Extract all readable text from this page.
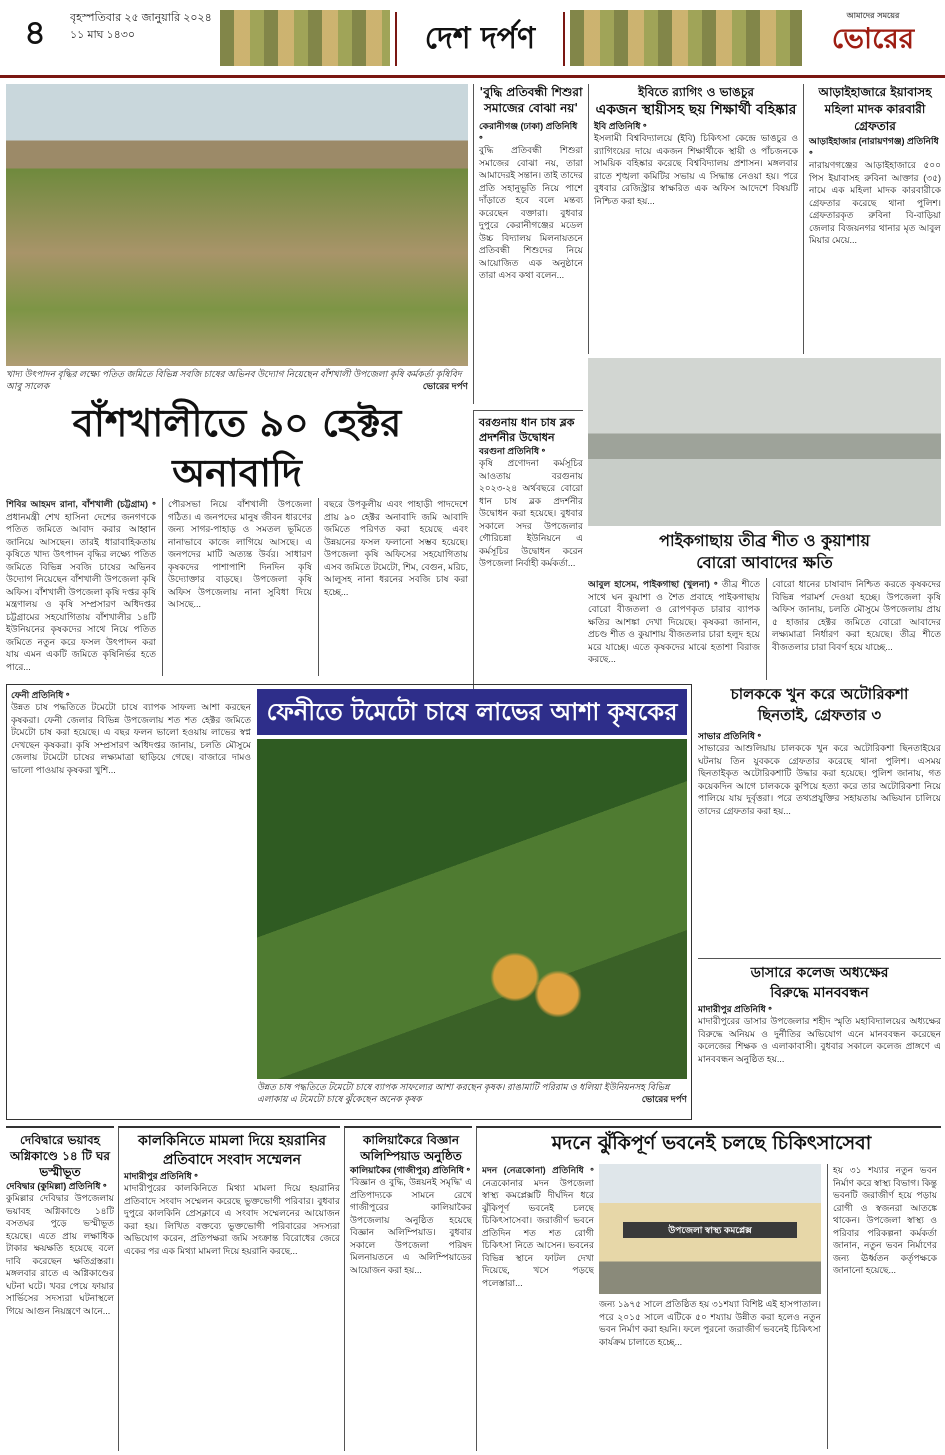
৪	বৃহস্পতিবার ২৫ জানুয়ারি ২০২৪
১১ মাঘ ১৪৩০	দেশ দর্পণ
আমাদের সময়ের
ভোরের
খাদ্য উৎপাদন বৃদ্ধির লক্ষ্যে পতিত জমিতে বিভিন্ন সবজি চাষের অভিনব উদ্যোগ নিয়েছেন বাঁশখালী উপজেলা কৃষি কর্মকর্তা কৃষিবিদ আবু সালেক	ভোরের দর্পণ
বাঁশখালীতে ৯০ হেক্টর অনাবাদি
শিবির আহমদ রানা, বাঁশখালী (চট্টগ্রাম) ॰ প্রধানমন্ত্রী শেখ হাসিনা দেশের জনগণকে পতিত জমিতে আবাদ করার আহ্বান জানিয়ে আসছেন। তারই ধারাবাহিকতায় কৃষিতে খাদ্য উৎপাদন বৃদ্ধির লক্ষ্যে পতিত জমিতে বিভিন্ন সবজি চাষের অভিনব উদ্যোগ নিয়েছেন বাঁশখালী উপজেলা কৃষি অফিস। বাঁশখালী উপজেলা কৃষি দপ্তর কৃষি মন্ত্রণালয় ও কৃষি সম্প্রসারণ অধিদপ্তর চট্টগ্রামের সহযোগিতায় বাঁশখালীর ১৪টি ইউনিয়নের কৃষকদের সাথে নিয়ে পতিত জমিতে নতুন করে ফসল উৎপাদন করা যায় এমন একটি জমিতে কৃষিনির্ভর হতে পারে...
পৌরসভা নিয়ে বাঁশখালী উপজেলা গঠিত। এ জনপদের মানুষ জীবন ধারণের জন্য সাগর-পাহাড় ও সমতল ভূমিতে নানাভাবে কাজে লাগিয়ে আসছে। এ জনপদের মাটি অত্যন্ত উর্বর। সাধারণ কৃষকদের পাশাপাশি দিনদিন কৃষি উদ্যোক্তার বাড়ছে। উপজেলা কৃষি অফিস উপজেলায় নানা সুবিধা দিয়ে আসছে...
বছরে উপকূলীয় এবং পাহাড়ী পাদদেশে প্রায় ৯০ হেক্টর অনাবাদি জমি আবাদি জমিতে পরিণত করা হয়েছে এবং উন্নয়নের ফসল ফলানো সম্ভব হয়েছে। উপজেলা কৃষি অফিসের সহযোগিতায় এসব জমিতে টমেটো, শিম, বেগুন, মরিচ, আলুসহ নানা ধরনের সবজি চাষ করা হচ্ছে...
'বুদ্ধি প্রতিবন্ধী শিশুরা সমাজের বোঝা নয়'
কেরানীগঞ্জ (ঢাকা) প্রতিনিধি ॰
বুদ্ধি প্রতিবন্ধী শিশুরা সমাজের বোঝা নয়, তারা আমাদেরই সন্তান। তাই তাদের প্রতি সহানুভূতি নিয়ে পাশে দাঁড়াতে হবে বলে মন্তব্য করেছেন বক্তারা। বুধবার দুপুরে কেরানীগঞ্জের মডেল উচ্চ বিদ্যালয় মিলনায়তনে প্রতিবন্ধী শিশুদের নিয়ে আয়োজিত এক অনুষ্ঠানে তারা এসব কথা বলেন...
বরগুনায় ধান চাষ ব্লক প্রদর্শনীর উদ্বোধন
বরগুনা প্রতিনিধি ॰
কৃষি প্রণোদনা কর্মসূচির আওতায় বরগুনায় ২০২৩-২৪ অর্থবছরে বোরো ধান চাষ ব্লক প্রদর্শনীর উদ্বোধন করা হয়েছে। বুধবার সকালে সদর উপজেলার গৌরিচন্না ইউনিয়নে এ কর্মসূচির উদ্বোধন করেন উপজেলা নির্বাহী কর্মকর্তা...
ইবিতে র‌্যাগিং ও ভাঙচুর
একজন স্থায়ীসহ ছয় শিক্ষার্থী বহিষ্কার
ইবি প্রতিনিধি ॰
ইসলামী বিশ্ববিদ্যালয়ে (ইবি) চিকিৎসা কেন্দ্রে ভাঙচুর ও র‌্যাগিংয়ের দায়ে একজন শিক্ষার্থীকে স্থায়ী ও পাঁচজনকে সাময়িক বহিষ্কার করেছে বিশ্ববিদ্যালয় প্রশাসন। মঙ্গলবার রাতে শৃঙ্খলা কমিটির সভায় এ সিদ্ধান্ত নেওয়া হয়। পরে বুধবার রেজিস্ট্রার স্বাক্ষরিত এক অফিস আদেশে বিষয়টি নিশ্চিত করা হয়...
আড়াইহাজারে ইয়াবাসহ মহিলা মাদক কারবারী গ্রেফতার
আড়াইহাজার (নারায়ণগঞ্জ) প্রতিনিধি ॰
নারায়ণগঞ্জের আড়াইহাজারে ৫০০ পিস ইয়াবাসহ রুবিনা আক্তার (৩৫) নামে এক মহিলা মাদক কারবারীকে গ্রেফতার করেছে থানা পুলিশ। গ্রেফতারকৃত রুবিনা বি-বাড়িয়া জেলার বিজয়নগর থানার মৃত আবুল মিয়ার মেয়ে...
পাইকগাছায় তীব্র শীত ও কুয়াশায়
বোরো আবাদের ক্ষতি
আবুল হাসেম, পাইকগাছা (খুলনা) ॰ তীব্র শীতে সাথে ঘন কুয়াশা ও শৈত প্রবাহে পাইকগাছায় বোরো বীজতলা ও রোপণকৃত চারার ব্যাপক ক্ষতির আশঙ্কা দেখা দিয়েছে। কৃষকরা জানান, প্রচণ্ড শীত ও কুয়াশায় বীজতলার চারা হলুদ হয়ে মরে যাচ্ছে। এতে কৃষকদের মাঝে হতাশা বিরাজ করছে...
বোরো ধানের চাষাবাদ নিশ্চিত করতে কৃষকদের বিভিন্ন পরামর্শ দেওয়া হচ্ছে। উপজেলা কৃষি অফিস জানায়, চলতি মৌসুমে উপজেলায় প্রায় ৫ হাজার হেক্টর জমিতে বোরো আবাদের লক্ষ্যমাত্রা নির্ধারণ করা হয়েছে। তীব্র শীতে বীজতলার চারা বিবর্ণ হয়ে যাচ্ছে...
ফেনী প্রতিনিধি ॰
উন্নত চাষ পদ্ধতিতে টমেটো চাষে ব্যাপক সাফল্য আশা করছেন কৃষকরা। ফেনী জেলার বিভিন্ন উপজেলায় শত শত হেক্টর জমিতে টমেটো চাষ করা হয়েছে। এ বছর ফলন ভালো হওয়ায় লাভের স্বপ্ন দেখছেন কৃষকরা। কৃষি সম্প্রসারণ অধিদপ্তর জানায়, চলতি মৌসুমে জেলায় টমেটো চাষের লক্ষ্যমাত্রা ছাড়িয়ে গেছে। বাজারে দামও ভালো পাওয়ায় কৃষকরা খুশি...
ফেনীতে টমেটো চাষে লাভের আশা কৃষকের
উন্নত চাষ পদ্ধতিতে টমেটো চাষে ব্যাপক সাফল্যের আশা করছেন কৃষক। রাঙামাটি পরিরাম ও ধলিয়া ইউনিয়নসহ বিভিন্ন এলাকায় এ টমেটো চাষে ঝুঁকেছেন অনেক কৃষক	ভোরের দর্পণ
চালককে খুন করে অটোরিকশা
ছিনতাই, গ্রেফতার ৩
সাভার প্রতিনিধি ॰
সাভারের আশুলিয়ায় চালককে খুন করে অটোরিকশা ছিনতাইয়ের ঘটনায় তিন যুবককে গ্রেফতার করেছে থানা পুলিশ। এসময় ছিনতাইকৃত অটোরিকশাটি উদ্ধার করা হয়েছে। পুলিশ জানায়, গত কয়েকদিন আগে চালককে কুপিয়ে হত্যা করে তার অটোরিকশা নিয়ে পালিয়ে যায় দুর্বৃত্তরা। পরে তথ্যপ্রযুক্তির সহায়তায় অভিযান চালিয়ে তাদের গ্রেফতার করা হয়...
ডাসারে কলেজ অধ্যক্ষের
বিরুদ্ধে মানববন্ধন
মাদারীপুর প্রতিনিধি ॰
মাদারীপুরের ডাসার উপজেলার শহীদ স্মৃতি মহাবিদ্যালয়ের অধ্যক্ষের বিরুদ্ধে অনিয়ম ও দুর্নীতির অভিযোগ এনে মানববন্ধন করেছেন কলেজের শিক্ষক ও এলাকাবাসী। বুধবার সকালে কলেজ প্রাঙ্গণে এ মানববন্ধন অনুষ্ঠিত হয়...
দেবিদ্বারে ভয়াবহ অগ্নিকাণ্ডে ১৪ টি ঘর ভস্মীভূত
দেবিদ্বার (কুমিল্লা) প্রতিনিধি ॰
কুমিল্লার দেবিদ্বার উপজেলায় ভয়াবহ অগ্নিকাণ্ডে ১৪টি বসতঘর পুড়ে ভস্মীভূত হয়েছে। এতে প্রায় লক্ষাধিক টাকার ক্ষয়ক্ষতি হয়েছে বলে দাবি করেছেন ক্ষতিগ্রস্তরা। মঙ্গলবার রাতে এ অগ্নিকাণ্ডের ঘটনা ঘটে। খবর পেয়ে ফায়ার সার্ভিসের সদস্যরা ঘটনাস্থলে গিয়ে আগুন নিয়ন্ত্রণে আনে...
কালকিনিতে মামলা দিয়ে হয়রানির প্রতিবাদে সংবাদ সম্মেলন
মাদারীপুর প্রতিনিধি ॰
মাদারীপুরের কালকিনিতে মিথ্যা মামলা দিয়ে হয়রানির প্রতিবাদে সংবাদ সম্মেলন করেছে ভুক্তভোগী পরিবার। বুধবার দুপুরে কালকিনি প্রেসক্লাবে এ সংবাদ সম্মেলনের আয়োজন করা হয়। লিখিত বক্তব্যে ভুক্তভোগী পরিবারের সদস্যরা অভিযোগ করেন, প্রতিপক্ষরা জমি সংক্রান্ত বিরোধের জেরে একের পর এক মিথ্যা মামলা দিয়ে হয়রানি করছে...
কালিয়াকৈরে বিজ্ঞান অলিম্পিয়াড অনুষ্ঠিত
কালিয়াকৈর (গাজীপুর) প্রতিনিধি ॰
'বিজ্ঞান ও বুদ্ধি, উন্নয়নই সমৃদ্ধি' এ প্রতিপাদ্যকে সামনে রেখে গাজীপুরের কালিয়াকৈর উপজেলায় অনুষ্ঠিত হয়েছে বিজ্ঞান অলিম্পিয়াড। বুধবার সকালে উপজেলা পরিষদ মিলনায়তনে এ অলিম্পিয়াডের আয়োজন করা হয়...
মদনে ঝুঁকিপূর্ণ ভবনেই চলছে চিকিৎসাসেবা
মদন (নেত্রকোনা) প্রতিনিধি ॰ নেত্রকোনার মদন উপজেলা স্বাস্থ্য কমপ্লেক্সটি দীর্ঘদিন ধরে ঝুঁকিপূর্ণ ভবনেই চলছে চিকিৎসাসেবা। জরাজীর্ণ ভবনে প্রতিদিন শত শত রোগী চিকিৎসা নিতে আসেন। ভবনের বিভিন্ন স্থানে ফাটল দেখা দিয়েছে, খসে পড়ছে পলেস্তারা...
উপজেলা স্বাস্থ্য কমপ্লেক্স
জন্য ১৯৭৫ সালে প্রতিষ্ঠিত হয় ৩১শয্যা বিশিষ্ট এই হাসপাতাল। পরে ২০১৫ সালে এটিকে ৫০ শয্যায় উন্নীত করা হলেও নতুন ভবন নির্মাণ করা হয়নি। ফলে পুরনো জরাজীর্ণ ভবনেই চিকিৎসা কার্যক্রম চালাতে হচ্ছে...
হয় ৩১ শয্যার নতুন ভবন নির্মাণ করে স্বাস্থ্য বিভাগ। কিন্তু ভবনটি জরাজীর্ণ হয়ে পড়ায় রোগী ও স্বজনরা আতঙ্কে থাকেন। উপজেলা স্বাস্থ্য ও পরিবার পরিকল্পনা কর্মকর্তা জানান, নতুন ভবন নির্মাণের জন্য ঊর্ধ্বতন কর্তৃপক্ষকে জানানো হয়েছে...
